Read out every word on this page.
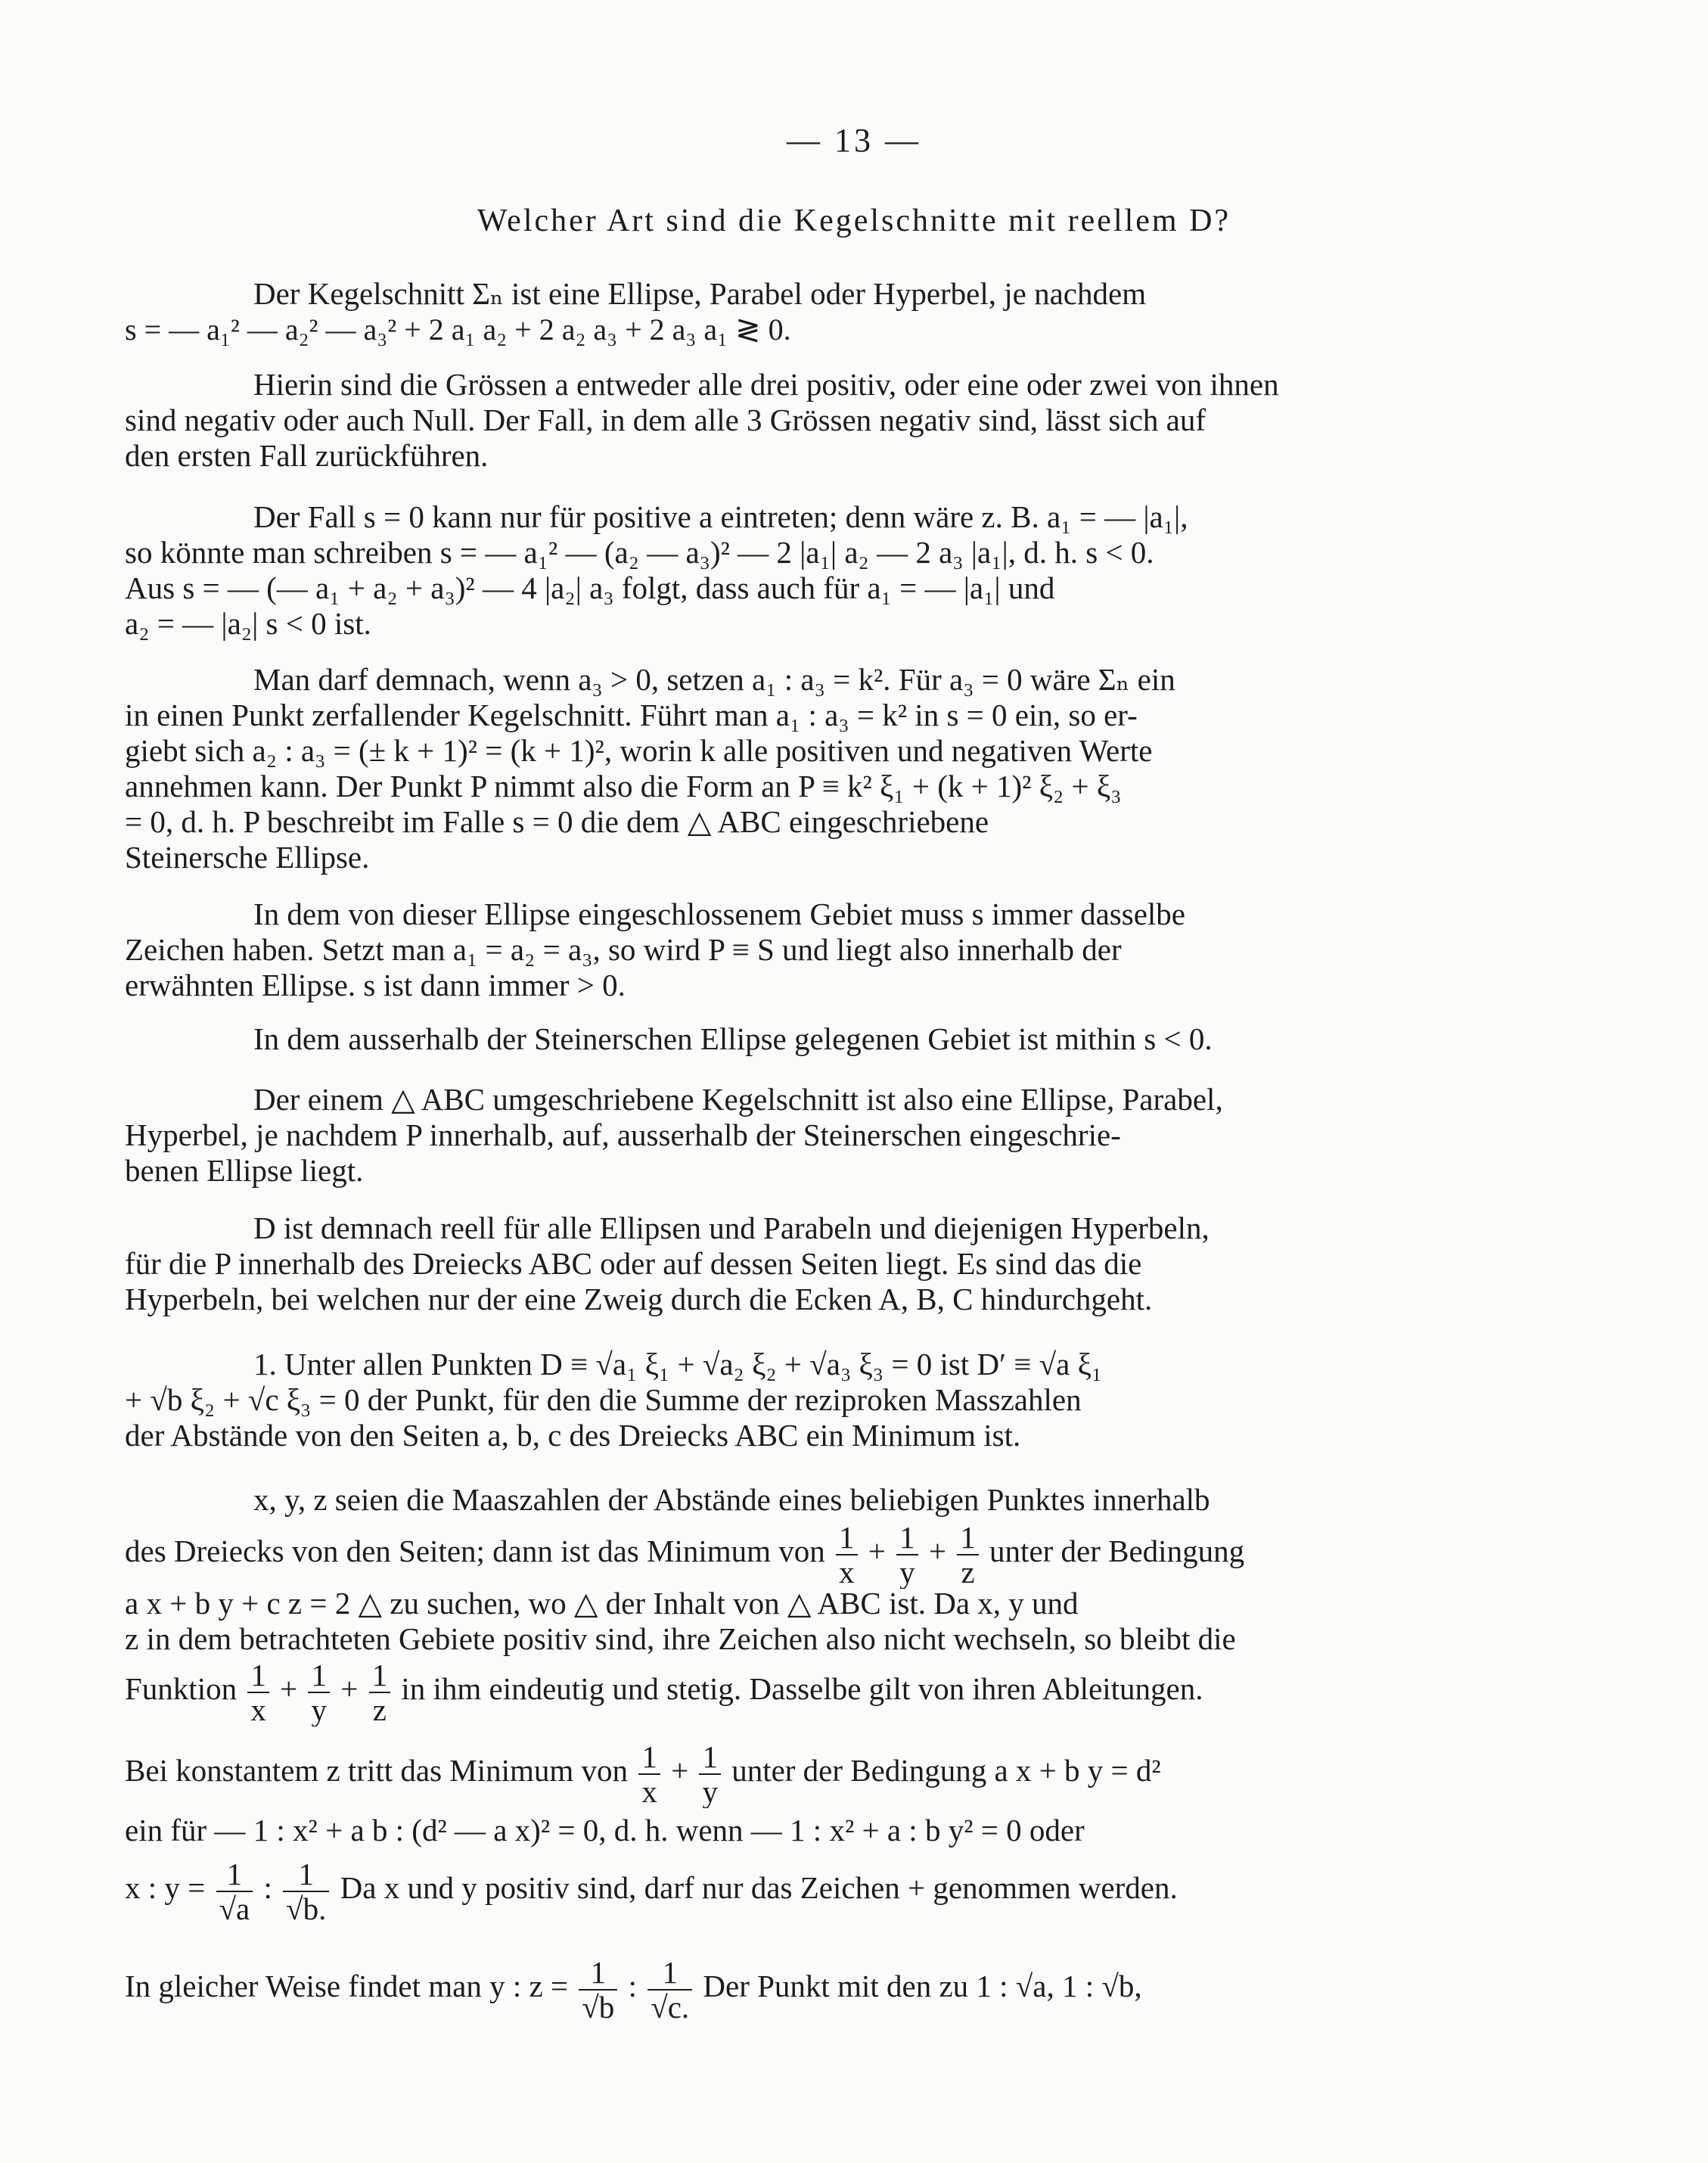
— 13 —
Welcher Art sind die Kegelschnitte mit reellem D?
Der Kegelschnitt Σₙ ist eine Ellipse, Parabel oder Hyperbel, je nachdem
s = — a₁² — a₂² — a₃² + 2 a₁ a₂ + 2 a₂ a₃ + 2 a₃ a₁ ≷ 0.
Hierin sind die Grössen a entweder alle drei positiv, oder eine oder zwei von ihnen
sind negativ oder auch Null. Der Fall, in dem alle 3 Grössen negativ sind, lässt sich auf
den ersten Fall zurückführen.
Der Fall s = 0 kann nur für positive a eintreten; denn wäre z. B. a₁ = — |a₁|,
so könnte man schreiben s = — a₁² — (a₂ — a₃)² — 2 |a₁| a₂ — 2 a₃ |a₁|, d. h. s < 0.
Aus s = — (— a₁ + a₂ + a₃)² — 4 |a₂| a₃ folgt, dass auch für a₁ = — |a₁| und
a₂ = — |a₂| s < 0 ist.
Man darf demnach, wenn a₃ > 0, setzen a₁ : a₃ = k². Für a₃ = 0 wäre Σₙ ein
in einen Punkt zerfallender Kegelschnitt. Führt man a₁ : a₃ = k² in s = 0 ein, so er-
giebt sich a₂ : a₃ = (± k + 1)² = (k + 1)², worin k alle positiven und negativen Werte
annehmen kann. Der Punkt P nimmt also die Form an P ≡ k² ξ₁ + (k + 1)² ξ₂ + ξ₃
= 0, d. h. P beschreibt im Falle s = 0 die dem △ ABC eingeschriebene
Steinersche Ellipse.
In dem von dieser Ellipse eingeschlossenem Gebiet muss s immer dasselbe
Zeichen haben. Setzt man a₁ = a₂ = a₃, so wird P ≡ S und liegt also innerhalb der
erwähnten Ellipse. s ist dann immer > 0.
In dem ausserhalb der Steinerschen Ellipse gelegenen Gebiet ist mithin s < 0.
Der einem △ ABC umgeschriebene Kegelschnitt ist also eine Ellipse, Parabel,
Hyperbel, je nachdem P innerhalb, auf, ausserhalb der Steinerschen eingeschrie-
benen Ellipse liegt.
D ist demnach reell für alle Ellipsen und Parabeln und diejenigen Hyperbeln,
für die P innerhalb des Dreiecks ABC oder auf dessen Seiten liegt. Es sind das die
Hyperbeln, bei welchen nur der eine Zweig durch die Ecken A, B, C hindurchgeht.
1. Unter allen Punkten D ≡ √a₁ ξ₁ + √a₂ ξ₂ + √a₃ ξ₃ = 0 ist D′ ≡ √a ξ₁
+ √b ξ₂ + √c ξ₃ = 0 der Punkt, für den die Summe der reziproken Masszahlen
der Abstände von den Seiten a, b, c des Dreiecks ABC ein Minimum ist.
x, y, z seien die Maaszahlen der Abstände eines beliebigen Punktes innerhalb
des Dreiecks von den Seiten; dann ist das Minimum von $\frac{1}{x} + \frac{1}{y} + \frac{1}{z}$ unter der Bedingung
a x + b y + c z = 2 △ zu suchen, wo △ der Inhalt von △ ABC ist. Da x, y und
z in dem betrachteten Gebiete positiv sind, ihre Zeichen also nicht wechseln, so bleibt die
Funktion $\frac{1}{x} + \frac{1}{y} + \frac{1}{z}$ in ihm eindeutig und stetig. Dasselbe gilt von ihren Ableitungen.
Bei konstantem z tritt das Minimum von $\frac{1}{x} + \frac{1}{y}$ unter der Bedingung a x + b y = d²
ein für — 1 : x² + a b : (d² — a x)² = 0, d. h. wenn — 1 : x² + a : b y² = 0 oder
x : $y = \frac{1}{√a}$ : $\frac{1}{√b.}$ Da x und y positiv sind, darf nur das Zeichen + genommen werden.
In gleicher Weise findet man y : $z = \frac{1}{√b}$ : $\frac{1}{√c.}$ Der Punkt mit den zu 1 : √a, 1 : √b,
